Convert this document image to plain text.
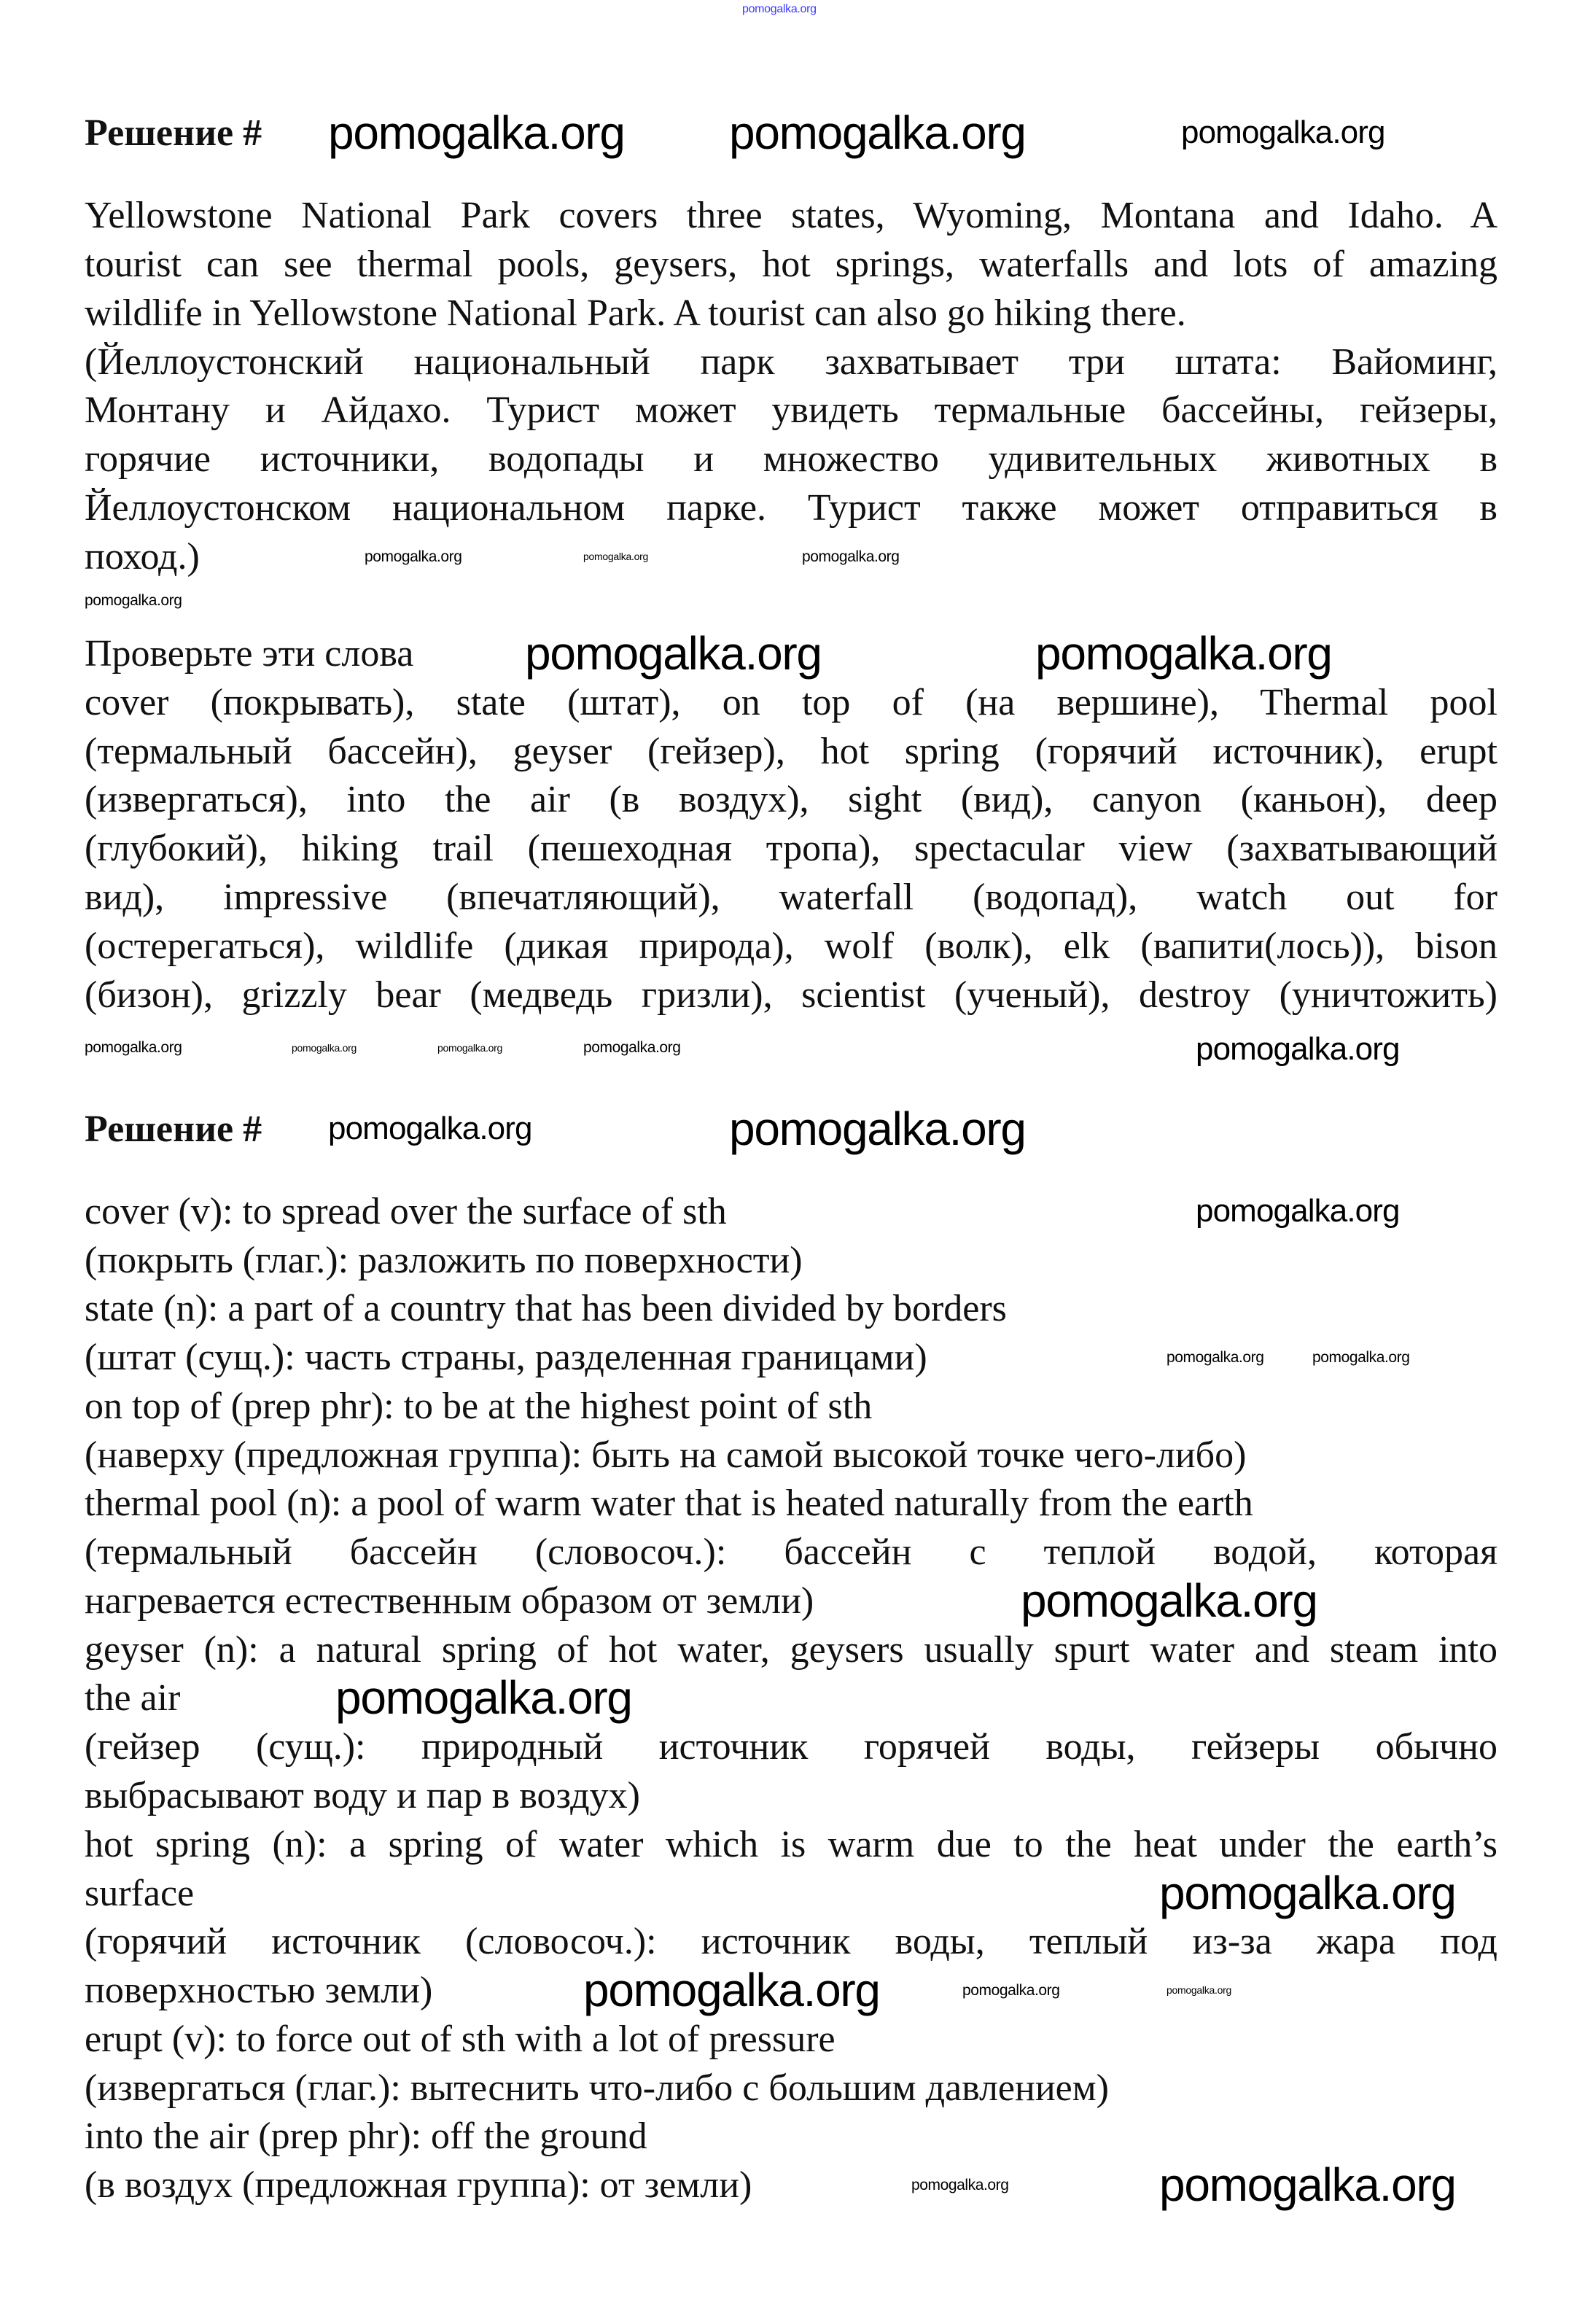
Решение #
Yellowstone National Park covers three states, Wyoming, Montana and Idaho. A
tourist can see thermal pools, geysers, hot springs, waterfalls and lots of amazing
wildlife in Yellowstone National Park. A tourist can also go hiking there.
(Йеллоустонский национальный парк захватывает три штата: Вайоминг,
Монтану и Айдахо. Турист может увидеть термальные бассейны, гейзеры,
горячие источники, водопады и множество удивительных животных в
Йеллоустонском национальном парке. Турист также может отправиться в
поход.)
Проверьте эти слова
cover (покрывать), state (штат), on top of (на вершине), Thermal pool
(термальный бассейн), geyser (гейзер), hot spring (горячий источник), erupt
(извергаться), into the air (в воздух), sight (вид), canyon (каньон), deep
(глубокий), hiking trail (пешеходная тропа), spectacular view (захватывающий
вид), impressive (впечатляющий), waterfall (водопад), watch out for
(остерегаться), wildlife (дикая природа), wolf (волк), elk (вапити(лось)), bison
(бизон), grizzly bear (медведь гризли), scientist (ученый), destroy (уничтожить)
Решение #
cover (v): to spread over the surface of sth
(покрыть (глаг.): разложить по поверхности)
state (n): a part of a country that has been divided by borders
(штат (сущ.): часть страны, разделенная границами)
on top of (prep phr): to be at the highest point of sth
(наверху (предложная группа): быть на самой высокой точке чего-либо)
thermal pool (n): a pool of warm water that is heated naturally from the earth
(термальный бассейн (словосоч.): бассейн с теплой водой, которая
нагревается естественным образом от земли)
geyser (n): a natural spring of hot water, geysers usually spurt water and steam into
the air
(гейзер (сущ.): природный источник горячей воды, гейзеры обычно
выбрасывают воду и пар в воздух)
hot spring (n): a spring of water which is warm due to the heat under the earth’s
surface
(горячий источник (словосоч.): источник воды, теплый из-за жара под
поверхностью земли)
erupt (v): to force out of sth with a lot of pressure
(извергаться (глаг.): вытеснить что-либо с большим давлением)
into the air (prep phr): off the ground
(в воздух (предложная группа): от земли)
pomogalka.org
pomogalka.org pomogalka.org	pomogalka.org
pomogalka.org	pomogalka.org	pomogalka.org
pomogalka.org
pomogalka.org	pomogalka.org
pomogalka.org	pomogalka.org	pomogalka.org	pomogalka.org	pomogalka.org
pomogalka.org	pomogalka.org
pomogalka.org
pomogalka.org	pomogalka.org
pomogalka.org
pomogalka.org
pomogalka.org
pomogalka.org	pomogalka.org	pomogalka.org
pomogalka.org	pomogalka.org
